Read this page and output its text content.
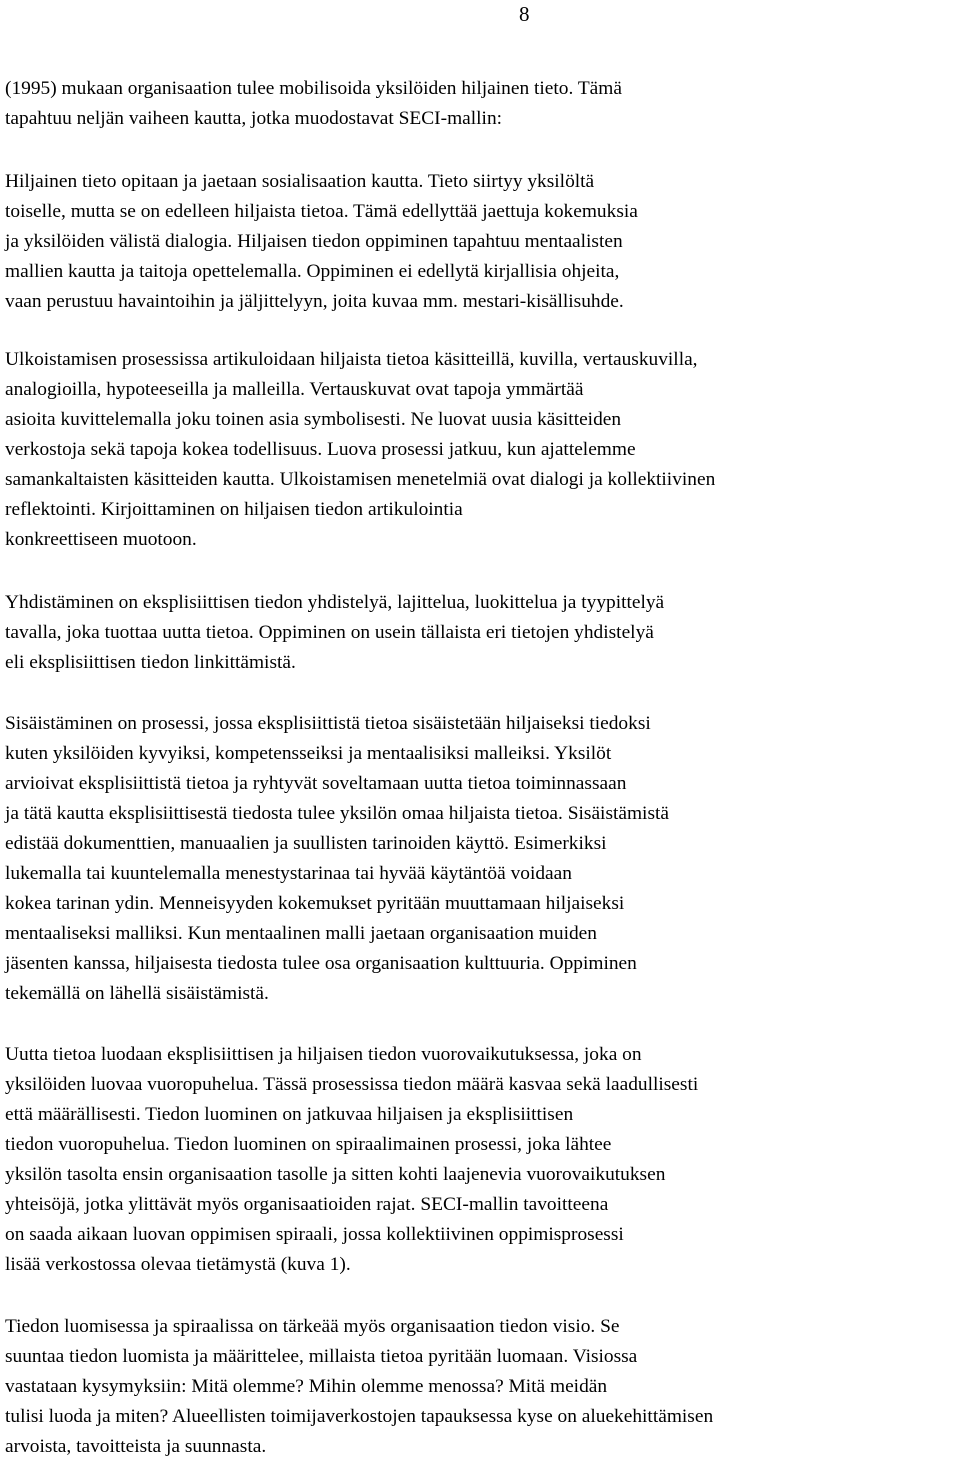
8

(1995) mukaan organisaation tulee mobilisoida yksilöiden hiljainen tieto. Tämä
tapahtuu neljän vaiheen kautta, jotka muodostavat SECI-mallin:

Hiljainen tieto opitaan ja jaetaan sosialisaation kautta. Tieto siirtyy yksilöltä
toiselle, mutta se on edelleen hiljaista tietoa. Tämä edellyttää jaettuja kokemuksia
ja yksilöiden välistä dialogia. Hiljaisen tiedon oppiminen tapahtuu mentaalisten
mallien kautta ja taitoja opettelemalla. Oppiminen ei edellytä kirjallisia ohjeita,
vaan perustuu havaintoihin ja jäljittelyyn, joita kuvaa mm. mestari-kisällisuhde.

Ulkoistamisen prosessissa artikuloidaan hiljaista tietoa käsitteillä, kuvilla, vertauskuvilla,
analogioilla, hypoteeseilla ja malleilla. Vertauskuvat ovat tapoja ymmärtää
asioita kuvittelemalla joku toinen asia symbolisesti. Ne luovat uusia käsitteiden
verkostoja sekä tapoja kokea todellisuus. Luova prosessi jatkuu, kun ajattelemme
samankaltaisten käsitteiden kautta. Ulkoistamisen menetelmiä ovat dialogi ja kollektiivinen
reflektointi. Kirjoittaminen on hiljaisen tiedon artikulointia
konkreettiseen muotoon.

Yhdistäminen on eksplisiittisen tiedon yhdistelyä, lajittelua, luokittelua ja tyypittelyä
tavalla, joka tuottaa uutta tietoa. Oppiminen on usein tällaista eri tietojen yhdistelyä
eli eksplisiittisen tiedon linkittämistä.

Sisäistäminen on prosessi, jossa eksplisiittistä tietoa sisäistetään hiljaiseksi tiedoksi
kuten yksilöiden kyvyiksi, kompetensseiksi ja mentaalisiksi malleiksi. Yksilöt
arvioivat eksplisiittistä tietoa ja ryhtyvät soveltamaan uutta tietoa toiminnassaan
ja tätä kautta eksplisiittisestä tiedosta tulee yksilön omaa hiljaista tietoa. Sisäistämistä
edistää dokumenttien, manuaalien ja suullisten tarinoiden käyttö. Esimerkiksi
lukemalla tai kuuntelemalla menestystarinaa tai hyvää käytäntöä voidaan
kokea tarinan ydin. Menneisyyden kokemukset pyritään muuttamaan hiljaiseksi
mentaaliseksi malliksi. Kun mentaalinen malli jaetaan organisaation muiden
jäsenten kanssa, hiljaisesta tiedosta tulee osa organisaation kulttuuria. Oppiminen
tekemällä on lähellä sisäistämistä.

Uutta tietoa luodaan eksplisiittisen ja hiljaisen tiedon vuorovaikutuksessa, joka on
yksilöiden luovaa vuoropuhelua. Tässä prosessissa tiedon määrä kasvaa sekä laadullisesti
että määrällisesti. Tiedon luominen on jatkuvaa hiljaisen ja eksplisiittisen
tiedon vuoropuhelua. Tiedon luominen on spiraalimainen prosessi, joka lähtee
yksilön tasolta ensin organisaation tasolle ja sitten kohti laajenevia vuorovaikutuksen
yhteisöjä, jotka ylittävät myös organisaatioiden rajat. SECI-mallin tavoitteena
on saada aikaan luovan oppimisen spiraali, jossa kollektiivinen oppimisprosessi
lisää verkostossa olevaa tietämystä (kuva 1).

Tiedon luomisessa ja spiraalissa on tärkeää myös organisaation tiedon visio. Se
suuntaa tiedon luomista ja määrittelee, millaista tietoa pyritään luomaan. Visiossa
vastataan kysymyksiin: Mitä olemme? Mihin olemme menossa? Mitä meidän
tulisi luoda ja miten? Alueellisten toimijaverkostojen tapauksessa kyse on aluekehittämisen
arvoista, tavoitteista ja suunnasta.
